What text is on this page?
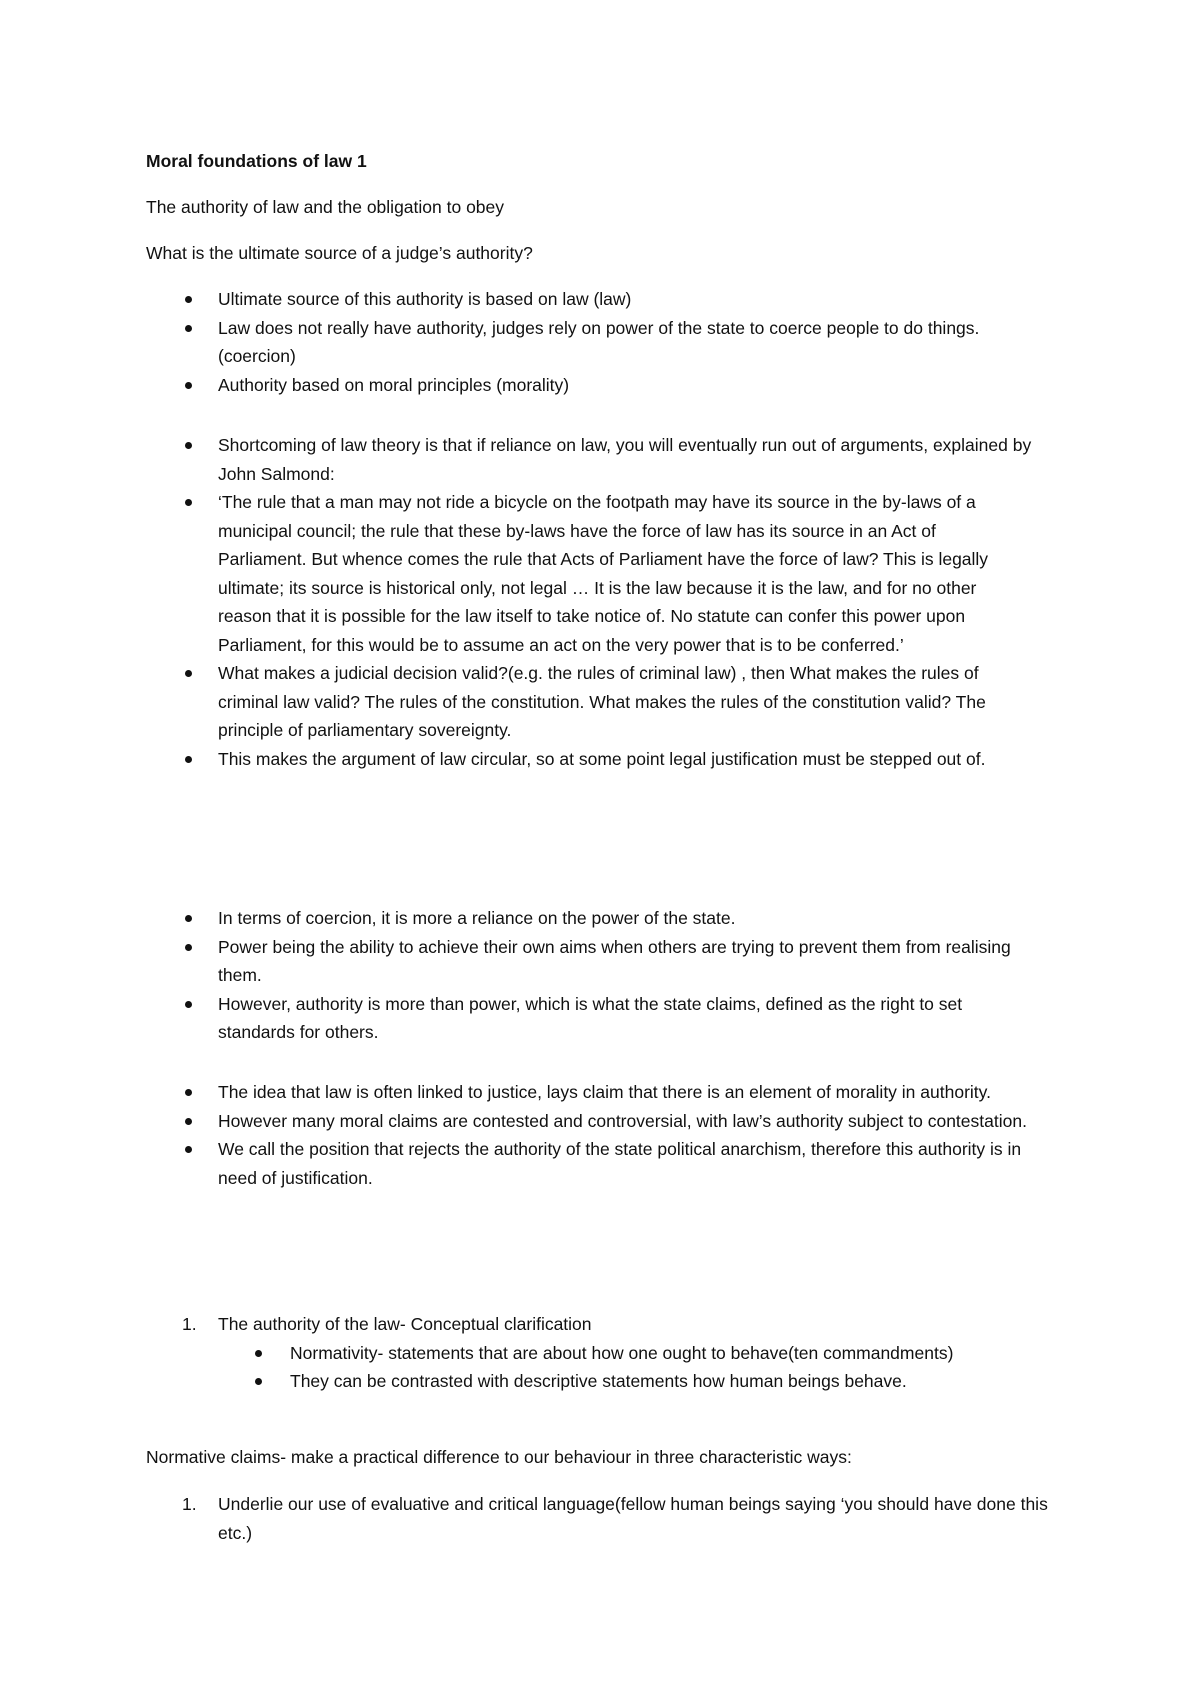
Moral foundations of law 1
The authority of law and the obligation to obey
What is the ultimate source of a judge’s authority?
Ultimate source of this authority is based on law (law)
Law does not really have authority, judges rely on power of the state to coerce people to do things. (coercion)
Authority based on moral principles (morality)
Shortcoming of law theory is that if reliance on law, you will eventually run out of arguments, explained by John Salmond:
‘The rule that a man may not ride a bicycle on the footpath may have its source in the by-laws of a municipal council; the rule that these by-laws have the force of law has its source in an Act of Parliament. But whence comes the rule that Acts of Parliament have the force of law? This is legally ultimate; its source is historical only, not legal … It is the law because it is the law, and for no other reason that it is possible for the law itself to take notice of. No statute can confer this power upon Parliament, for this would be to assume an act on the very power that is to be conferred.’
What makes a judicial decision valid?(e.g. the rules of criminal law) , then What makes the rules of criminal law valid? The rules of the constitution. What makes the rules of the constitution valid? The principle of parliamentary sovereignty.
This makes the argument of law circular, so at some point legal justification must be stepped out of.
In terms of coercion, it is more a reliance on the power of the state.
Power being the ability to achieve their own aims when others are trying to prevent them from realising them.
However, authority is more than power, which is what the state claims, defined as the right to set standards for others.
The idea that law is often linked to justice, lays claim that there is an element of morality in authority.
However many moral claims are contested and controversial, with law’s authority subject to contestation.
We call the position that rejects the authority of the state political anarchism, therefore this authority is in need of justification.
1. The authority of the law- Conceptual clarification
Normativity- statements that are about how one ought to behave(ten commandments)
They can be contrasted with descriptive statements how human beings behave.
Normative claims- make a practical difference to our behaviour in three characteristic ways:
1. Underlie our use of evaluative and critical language(fellow human beings saying ‘you should have done this etc.)
